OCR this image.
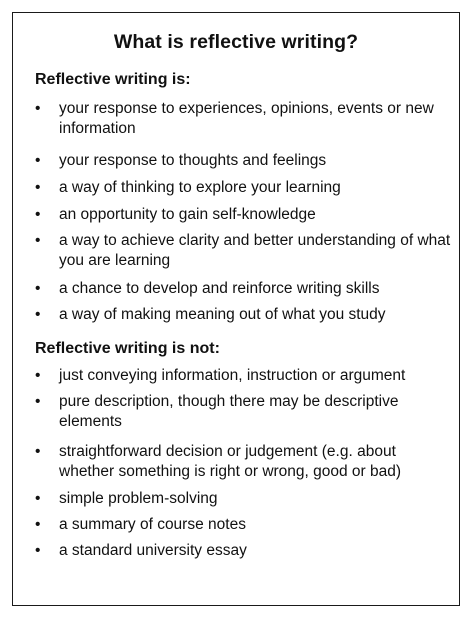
What is reflective writing?
Reflective writing is:
• your response to experiences, opinions, events or new information
• your response to thoughts and feelings
• a way of thinking to explore your learning
• an opportunity to gain self-knowledge
• a way to achieve clarity and better understanding of what you are learning
• a chance to develop and reinforce writing skills
• a way of making meaning out of what you study
Reflective writing is not:
• just conveying information, instruction or argument
• pure description, though there may be descriptive elements
• straightforward decision or judgement (e.g. about whether something is right or wrong, good or bad)
• simple problem-solving
• a summary of course notes
• a standard university essay
